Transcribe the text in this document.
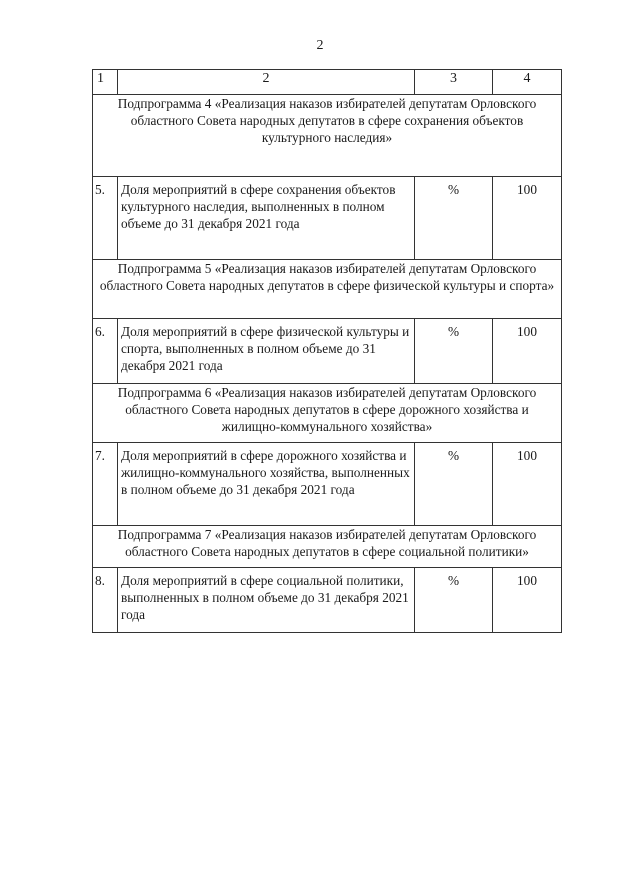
2
1	2	3	4
Подпрограмма 4 «Реализация наказов избирателей депутатам Орловского областного Совета народных депутатов в сфере сохранения объектов культурного наследия»			
5.	Доля мероприятий в сфере сохранения объектов культурного наследия, выполненных в полном объеме до 31 декабря 2021 года	%	100
Подпрограмма 5 «Реализация наказов избирателей депутатам Орловского областного Совета народных депутатов в сфере физической культуры и спорта»			
6.	Доля мероприятий в сфере физической культуры и спорта, выполненных в полном объеме до 31 декабря 2021 года	%	100
Подпрограмма 6 «Реализация наказов избирателей депутатам Орловского областного Совета народных депутатов в сфере дорожного хозяйства и жилищно-коммунального хозяйства»			
7.	Доля мероприятий в сфере дорожного хозяйства и жилищно-коммунального хозяйства, выполненных в полном объеме до 31 декабря 2021 года	%	100
Подпрограмма 7 «Реализация наказов избирателей депутатам Орловского областного Совета народных депутатов в сфере социальной политики»			
8.	Доля мероприятий в сфере социальной политики, выполненных в полном объеме до 31 декабря 2021 года	%	100
